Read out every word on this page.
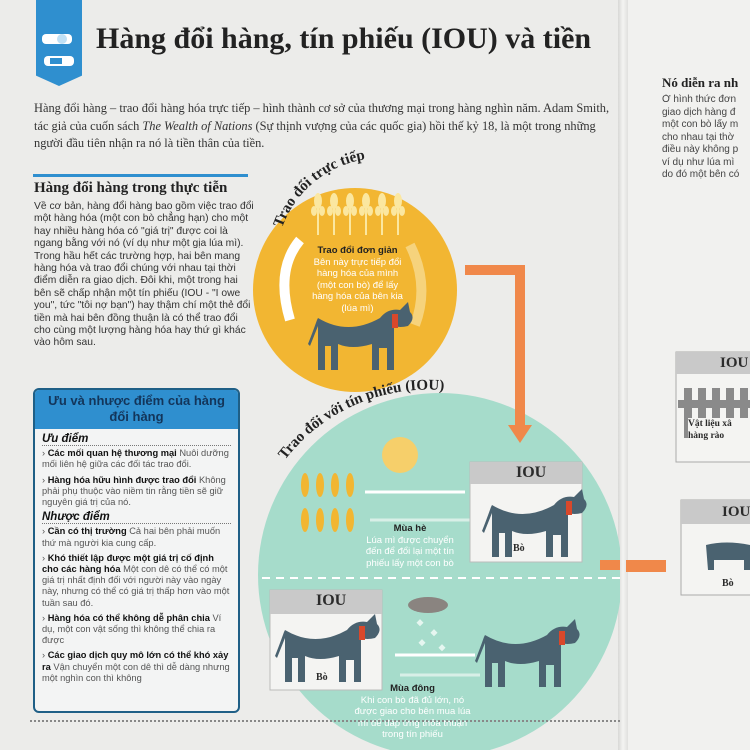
Nó diễn ra nh
Ở hình thức đơn
giao dịch hàng đ
một con bò lấy m
cho nhau tại thờ
điều này không p
ví dụ như lúa mì
do đó một bên có
IOU
Vật liệu xâ hàng rào
IOU
Bò
Hàng đổi hàng, tín phiếu (IOU) và tiền
Hàng đổi hàng – trao đổi hàng hóa trực tiếp – hình thành cơ sở của thương mại trong hàng nghìn năm. Adam Smith, tác giả của cuốn sách The Wealth of Nations (Sự thịnh vượng của các quốc gia) hồi thế kỷ 18, là một trong những người đầu tiên nhận ra nó là tiền thân của tiền.
Hàng đổi hàng trong thực tiễn
Về cơ bản, hàng đổi hàng bao gồm việc trao đổi một hàng hóa (một con bò chẳng hạn) cho một hay nhiều hàng hóa có "giá trị" được coi là ngang bằng với nó (ví dụ như một gịa lúa mì). Trong hầu hết các trường hợp, hai bên mang hàng hóa và trao đổi chúng với nhau tại thời điểm diễn ra giao dịch. Đôi khi, một trong hai bên sẽ chấp nhận một tín phiếu (IOU - "I owe you", tức "tôi nợ bạn") hay thậm chí một thẻ đổi tiền mà hai bên đồng thuận là có thể trao đổi cho cùng một lượng hàng hóa hay thứ gì khác vào hôm sau.
Ưu và nhược điểm của hàng đổi hàng
Ưu điểm
› Các mối quan hệ thương mại Nuôi dưỡng mối liên hệ giữa các đối tác trao đổi.
› Hàng hóa hữu hình được trao đổi Không phải phụ thuộc vào niềm tin rằng tiền sẽ giữ nguyên giá trị của nó.
Nhược điểm
› Cần có thị trường Cả hai bên phải muốn thứ mà người kia cung cấp.
› Khó thiết lập được một giá trị cố định cho các hàng hóa Một con dê có thể có một giá trị nhất định đối với người này vào ngày này, nhưng có thể có giá trị thấp hơn vào một tuần sau đó.
› Hàng hóa có thể không dễ phân chia Ví dụ, một con vật sống thì không thể chia ra được
› Các giao dịch quy mô lớn có thể khó xảy ra Vận chuyển một con dê thì dễ dàng nhưng một nghìn con thì không
Trao đổi trực tiếp
Trao đổi với tín phiếu (IOU)
IOU
Bò
IOU
Bò
Trao đổi đơn giản
Bên này trực tiếp đổi hàng hóa của mình (một con bò) để lấy hàng hóa của bên kia (lúa mì)
Mùa hè
Lúa mì được chuyển đến để đổi lại một tín phiếu lấy một con bò
Mùa đông
Khi con bò đã đủ lớn, nó được giao cho bên mua lúa mì để đáp ứng thỏa thuận trong tín phiếu
